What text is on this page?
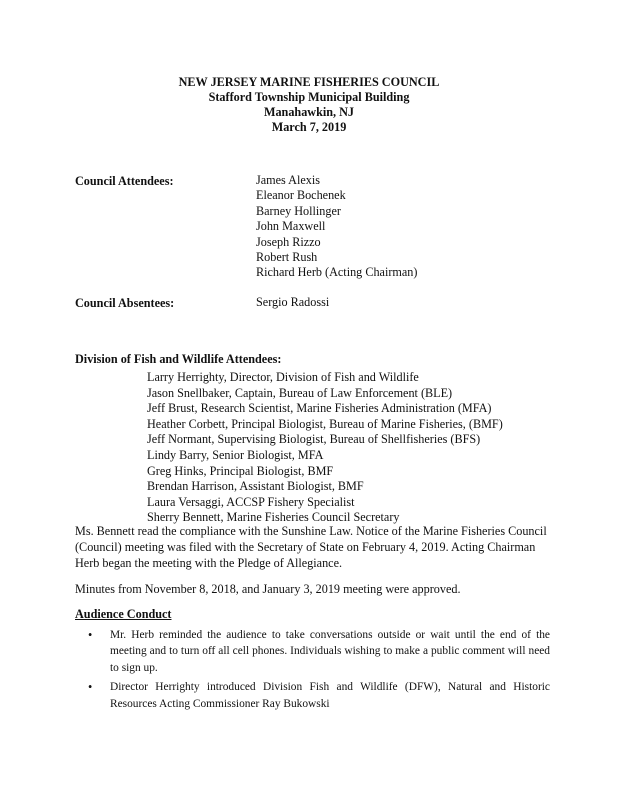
NEW JERSEY MARINE FISHERIES COUNCIL
Stafford Township Municipal Building
Manahawkin, NJ
March 7, 2019
Council Attendees:	James Alexis
Eleanor Bochenek
Barney Hollinger
John Maxwell
Joseph Rizzo
Robert Rush
Richard Herb (Acting Chairman)
Council Absentees:	Sergio Radossi
Division of Fish and Wildlife Attendees:
Larry Herrighty, Director, Division of Fish and Wildlife
Jason Snellbaker, Captain, Bureau of Law Enforcement (BLE)
Jeff Brust, Research Scientist, Marine Fisheries Administration (MFA)
Heather Corbett, Principal Biologist, Bureau of Marine Fisheries, (BMF)
Jeff Normant, Supervising Biologist, Bureau of Shellfisheries (BFS)
Lindy Barry, Senior Biologist, MFA
Greg Hinks, Principal Biologist, BMF
Brendan Harrison, Assistant Biologist, BMF
Laura Versaggi, ACCSP Fishery Specialist
Sherry Bennett, Marine Fisheries Council Secretary
Ms. Bennett read the compliance with the Sunshine Law. Notice of the Marine Fisheries Council
(Council) meeting was filed with the Secretary of State on February 4, 2019. Acting Chairman
Herb began the meeting with the Pledge of Allegiance.
Minutes from November 8, 2018, and January 3, 2019 meeting were approved.
Audience Conduct
• Mr. Herb reminded the audience to take conversations outside or wait until the end of the meeting and to turn off all cell phones. Individuals wishing to make a public comment will need to sign up.
• Director Herrighty introduced Division Fish and Wildlife (DFW), Natural and Historic Resources Acting Commissioner Ray Bukowski
